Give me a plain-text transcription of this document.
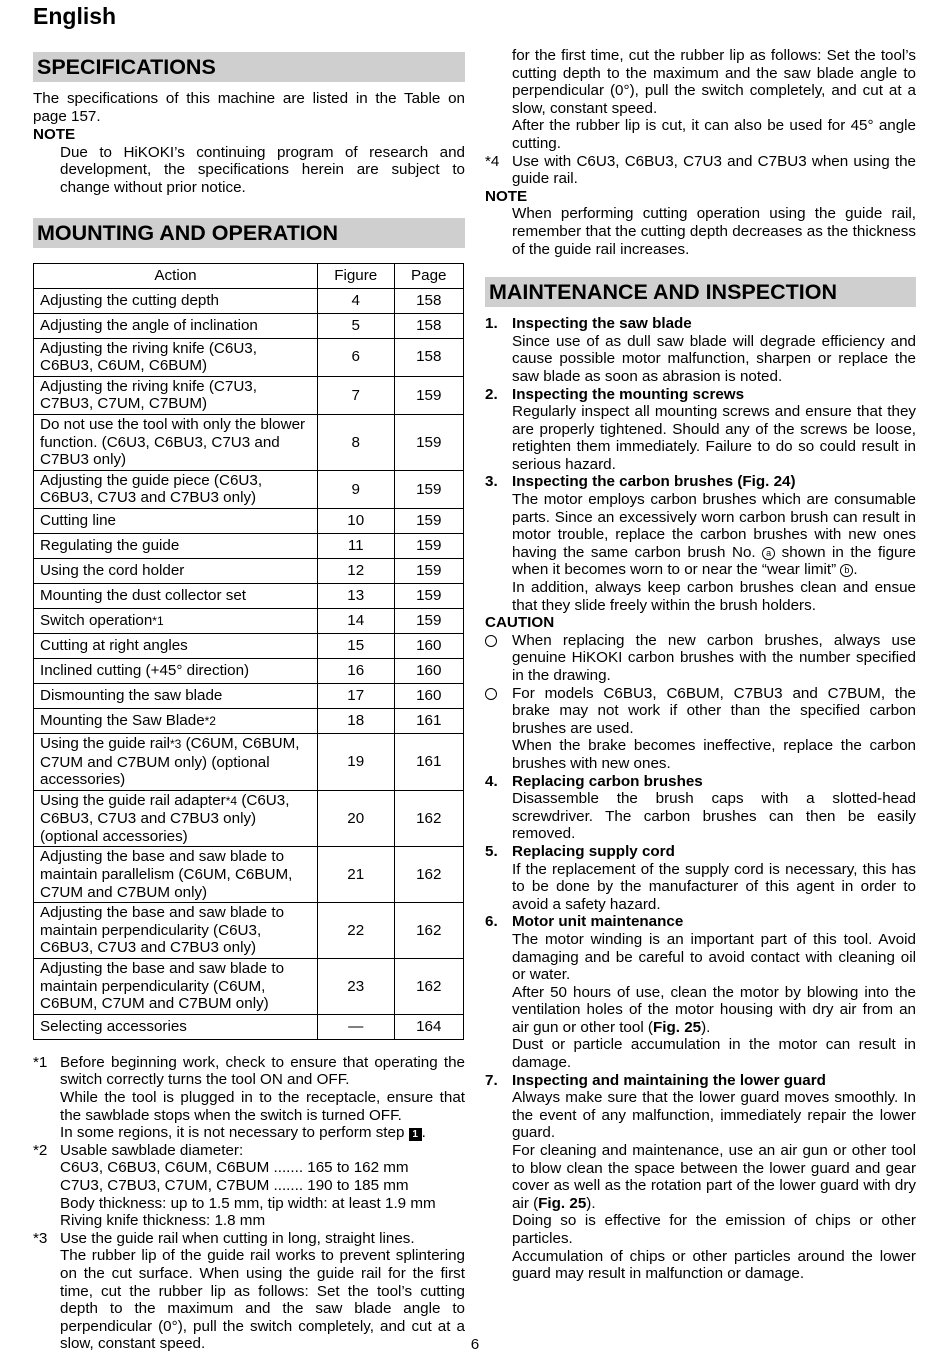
English
SPECIFICATIONS

The specifications of this machine are listed in the Table on page 157.

NOTE

Due to HiKOKI’s continuing program of research and development, the specifications herein are subject to change without prior notice.

MOUNTING AND OPERATION
Action	Figure	Page
Adjusting the cutting depth	4	158
Adjusting the angle of inclination	5	158
Adjusting the riving knife (C6U3, C6BU3, C6UM, C6BUM)	6	158
Adjusting the riving knife (C7U3, C7BU3, C7UM, C7BUM)	7	159
Do not use the tool with only the blower function. (C6U3, C6BU3, C7U3 and C7BU3 only)	8	159
Adjusting the guide piece (C6U3, C6BU3, C7U3 and C7BU3 only)	9	159
Cutting line	10	159
Regulating the guide	11	159
Using the cord holder	12	159
Mounting the dust collector set	13	159
Switch operation*1	14	159
Cutting at right angles	15	160
Inclined cutting (+45° direction)	16	160
Dismounting the saw blade	17	160
Mounting the Saw Blade*2	18	161
Using the guide rail*3 (C6UM, C6BUM, C7UM and C7BUM only) (optional accessories)	19	161
Using the guide rail adapter*4 (C6U3, C6BU3, C7U3 and C7BU3 only) (optional accessories)	20	162
Adjusting the base and saw blade to maintain parallelism (C6UM, C6BUM, C7UM and C7BUM only)	21	162
Adjusting the base and saw blade to maintain perpendicularity (C6U3, C6BU3, C7U3 and C7BU3 only)	22	162
Adjusting the base and saw blade to maintain perpendicularity (C6UM, C6BUM, C7UM and C7BUM only)	23	162
Selecting accessories	—	164
*1 Before beginning work, check to ensure that operating the switch correctly turns the tool ON and OFF.

While the tool is plugged in to the receptacle, ensure that the sawblade stops when the switch is turned OFF.

In some regions, it is not necessary to perform step 1 .

*2 Usable sawblade diameter:

C6U3, C6BU3, C6UM, C6BUM ....... 165 to 162 mm

C7U3, C7BU3, C7UM, C7BUM ....... 190 to 185 mm

Body thickness: up to 1.5 mm, tip width: at least 1.9 mm

Riving knife thickness: 1.8 mm

*3 Use the guide rail when cutting in long, straight lines.

The rubber lip of the guide rail works to prevent splintering on the cut surface. When using the guide rail for the first time, cut the rubber lip as follows: Set the tool’s cutting depth to the maximum and the saw blade angle to perpendicular (0°), pull the switch completely, and cut at a slow, constant speed.

for the first time, cut the rubber lip as follows: Set the tool’s cutting depth to the maximum and the saw blade angle to perpendicular (0°), pull the switch completely, and cut at a slow, constant speed.

After the rubber lip is cut, it can also be used for 45° angle cutting.

*4 Use with C6U3, C6BU3, C7U3 and C7BU3 when using the guide rail.

NOTE

When performing cutting operation using the guide rail, remember that the cutting depth decreases as the thickness of the guide rail increases.

MAINTENANCE AND INSPECTION
1. Inspecting the saw blade

Since use of as dull saw blade will degrade efficiency and cause possible motor malfunction, sharpen or replace the saw blade as soon as abrasion is noted.

2. Inspecting the mounting screws

Regularly inspect all mounting screws and ensure that they are properly tightened. Should any of the screws be loose, retighten them immediately. Failure to do so could result in serious hazard.

3. Inspecting the carbon brushes (Fig. 24)

The motor employs carbon brushes which are consumable parts. Since an excessively worn carbon brush can result in motor trouble, replace the carbon brushes with new ones having the same carbon brush No. a shown in the figure when it becomes worn to or near the “wear limit” b .

In addition, always keep carbon brushes clean and ensue that they slide freely within the brush holders.

CAUTION

When replacing the new carbon brushes, always use genuine HiKOKI carbon brushes with the number specified in the drawing.

For models C6BU3, C6BUM, C7BU3 and C7BUM, the brake may not work if other than the specified carbon brushes are used.

When the brake becomes ineffective, replace the carbon brushes with new ones.

4. Replacing carbon brushes

Disassemble the brush caps with a slotted-head screwdriver. The carbon brushes can then be easily removed.

5. Replacing supply cord

If the replacement of the supply cord is necessary, this has to be done by the manufacturer of this agent in order to avoid a safety hazard.

6. Motor unit maintenance

The motor winding is an important part of this tool. Avoid damaging and be careful to avoid contact with cleaning oil or water.

After 50 hours of use, clean the motor by blowing into the ventilation holes of the motor housing with dry air from an air gun or other tool (Fig. 25).

Dust or particle accumulation in the motor can result in damage.

7. Inspecting and maintaining the lower guard

Always make sure that the lower guard moves smoothly. In the event of any malfunction, immediately repair the lower guard.

For cleaning and maintenance, use an air gun or other tool to blow clean the space between the lower guard and gear cover as well as the rotation part of the lower guard with dry air (Fig. 25).

Doing so is effective for the emission of chips or other particles.

Accumulation of chips or other particles around the lower guard may result in malfunction or damage.

6
